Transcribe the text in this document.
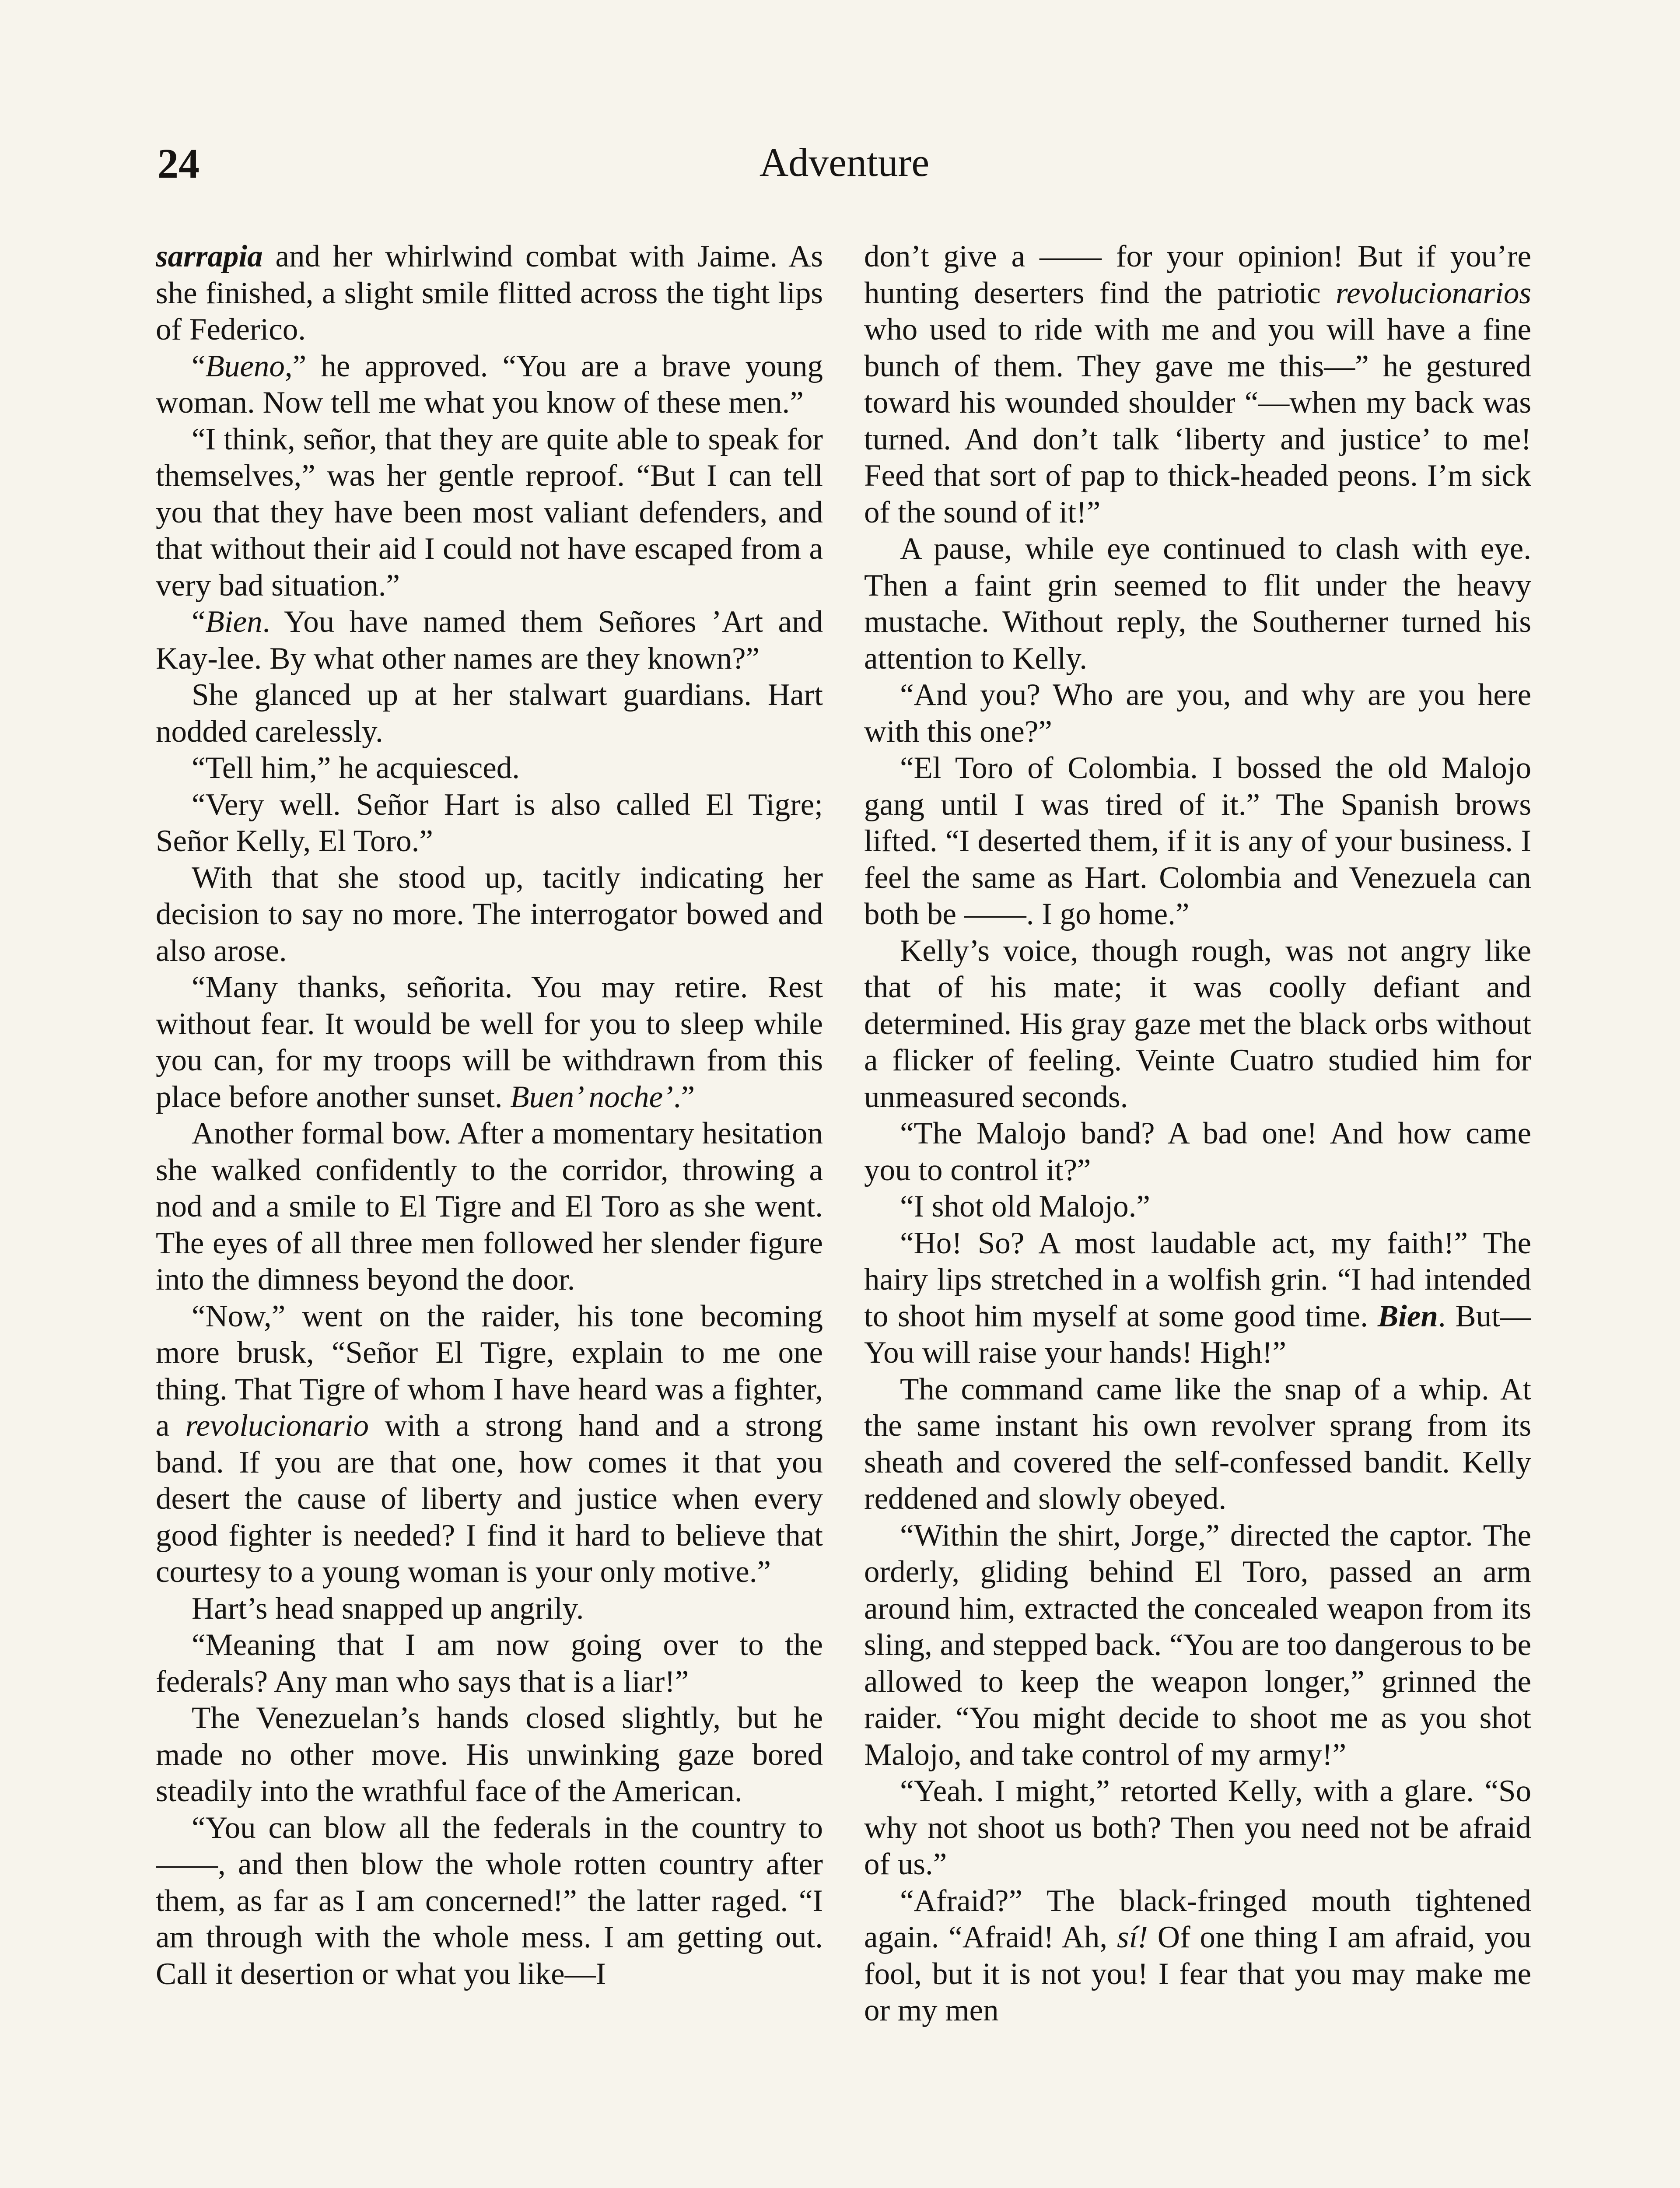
24	Adventure

sarrapia and her whirlwind combat with Jaime. As she finished, a slight smile flitted across the tight lips of Federico.

“Bueno,” he approved. “You are a brave young woman. Now tell me what you know of these men.”

“I think, señor, that they are quite able to speak for themselves,” was her gentle reproof. “But I can tell you that they have been most valiant defenders, and that without their aid I could not have escaped from a very bad situation.”

“Bien. You have named them Señores ’Art and Kay-lee. By what other names are they known?”

She glanced up at her stalwart guardians. Hart nodded carelessly.

“Tell him,” he acquiesced.

“Very well. Señor Hart is also called El Tigre; Señor Kelly, El Toro.”

With that she stood up, tacitly indicating her decision to say no more. The interrogator bowed and also arose.

“Many thanks, señorita. You may retire. Rest without fear. It would be well for you to sleep while you can, for my troops will be withdrawn from this place before another sunset. Buen’ noche’.”

Another formal bow. After a momentary hesitation she walked confidently to the corridor, throwing a nod and a smile to El Tigre and El Toro as she went. The eyes of all three men followed her slender figure into the dimness beyond the door.

“Now,” went on the raider, his tone becoming more brusk, “Señor El Tigre, explain to me one thing. That Tigre of whom I have heard was a fighter, a revolucionario with a strong hand and a strong band. If you are that one, how comes it that you desert the cause of liberty and justice when every good fighter is needed? I find it hard to believe that courtesy to a young woman is your only motive.”

Hart’s head snapped up angrily.

“Meaning that I am now going over to the federals? Any man who says that is a liar!”

The Venezuelan’s hands closed slightly, but he made no other move. His unwinking gaze bored steadily into the wrathful face of the American.

“You can blow all the federals in the country to ——, and then blow the whole rotten country after them, as far as I am concerned!” the latter raged. “I am through with the whole mess. I am getting out. Call it desertion or what you like—I

don’t give a —— for your opinion! But if you’re hunting deserters find the patriotic revolucionarios who used to ride with me and you will have a fine bunch of them. They gave me this—” he gestured toward his wounded shoulder “—when my back was turned. And don’t talk ‘liberty and justice’ to me! Feed that sort of pap to thick-headed peons. I’m sick of the sound of it!”

A pause, while eye continued to clash with eye. Then a faint grin seemed to flit under the heavy mustache. Without reply, the Southerner turned his attention to Kelly.

“And you? Who are you, and why are you here with this one?”

“El Toro of Colombia. I bossed the old Malojo gang until I was tired of it.” The Spanish brows lifted. “I deserted them, if it is any of your business. I feel the same as Hart. Colombia and Venezuela can both be ——. I go home.”

Kelly’s voice, though rough, was not angry like that of his mate; it was coolly defiant and determined. His gray gaze met the black orbs without a flicker of feeling. Veinte Cuatro studied him for unmeasured seconds.

“The Malojo band? A bad one! And how came you to control it?”

“I shot old Malojo.”

“Ho! So? A most laudable act, my faith!” The hairy lips stretched in a wolfish grin. “I had intended to shoot him myself at some good time. Bien. But— You will raise your hands! High!”

The command came like the snap of a whip. At the same instant his own revolver sprang from its sheath and covered the self-confessed bandit. Kelly reddened and slowly obeyed.

“Within the shirt, Jorge,” directed the captor. The orderly, gliding behind El Toro, passed an arm around him, extracted the concealed weapon from its sling, and stepped back. “You are too dangerous to be allowed to keep the weapon longer,” grinned the raider. “You might decide to shoot me as you shot Malojo, and take control of my army!”

“Yeah. I might,” retorted Kelly, with a glare. “So why not shoot us both? Then you need not be afraid of us.”

“Afraid?” The black-fringed mouth tightened again. “Afraid! Ah, sí! Of one thing I am afraid, you fool, but it is not you! I fear that you may make me or my men
